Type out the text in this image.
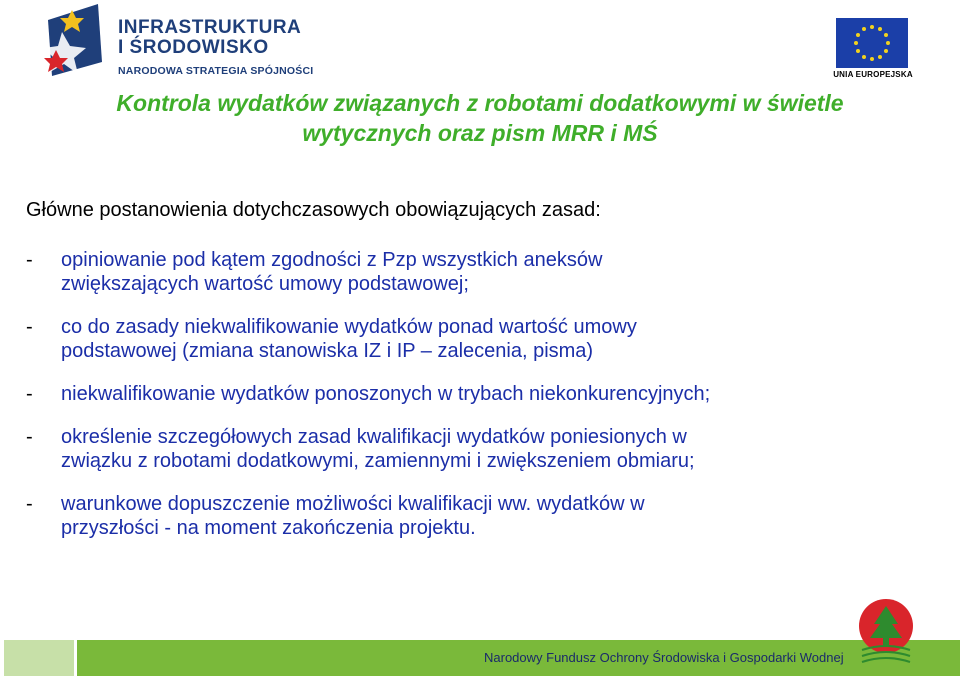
INFRASTRUKTURA
I ŚRODOWISKO
NARODOWA STRATEGIA SPÓJNOŚCI	UNIA EUROPEJSKA
Kontrola wydatków związanych z robotami dodatkowymi w świetle
wytycznych oraz pism MRR i MŚ
Główne postanowienia dotychczasowych obowiązujących zasad:
- opiniowanie pod kątem zgodności z Pzp wszystkich aneksów
zwiększających wartość umowy podstawowej;
- co do zasady niekwalifikowanie wydatków ponad wartość umowy
podstawowej (zmiana stanowiska IZ i IP – zalecenia, pisma)
- niekwalifikowanie wydatków ponoszonych w trybach niekonkurencyjnych;
- określenie szczegółowych zasad kwalifikacji wydatków poniesionych w
związku z robotami dodatkowymi, zamiennymi i zwiększeniem obmiaru;
- warunkowe dopuszczenie możliwości kwalifikacji ww. wydatków w
przyszłości - na moment zakończenia projektu.
Narodowy Fundusz Ochrony Środowiska i Gospodarki Wodnej
